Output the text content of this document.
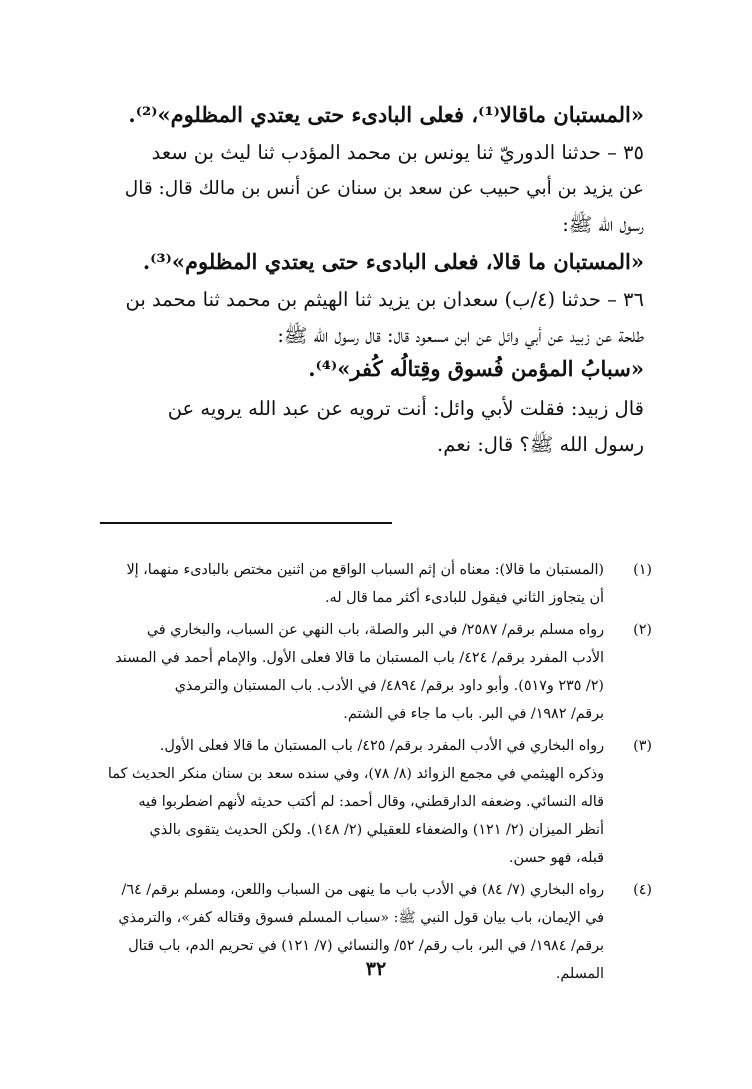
«المستبان ماقالا⁽¹⁾، فعلى البادىء حتى يعتدي المظلوم»⁽²⁾.
٣٥ – حدثنا الدوريّ ثنا يونس بن محمد المؤدب ثنا ليث بن سعد
عن يزيد بن أبي حبيب عن سعد بن سنان عن أنس بن مالك قال: قال
رسول الله ﷺ:
«المستبان ما قالا، فعلى البادىء حتى يعتدي المظلوم»⁽³⁾.
٣٦ – حدثنا (٤/ب) سعدان بن يزيد ثنا الهيثم بن محمد ثنا محمد بن
طلحة عن زبيد عن أبي وائل عن ابن مسعود قال: قال رسول الله ﷺ:
«سبابُ المؤمن فُسوق وقِتالُه كُفر»⁽⁴⁾.
قال زبيد: فقلت لأبي وائل: أنت ترويه عن عبد الله يرويه عن
رسول الله ﷺ؟ قال: نعم.
(١)
(المستبان ما قالا): معناه أن إثم السباب الواقع من اثنين مختص بالبادىء منهما، إلا
أن يتجاوز الثاني فيقول للبادىء أكثر مما قال له.
(٢)
رواه مسلم برقم/ ٢٥٨٧/ في البر والصلة، باب النهي عن السباب، والبخاري في
الأدب المفرد برقم/ ٤٢٤/ باب المستبان ما قالا فعلى الأول. والإمام أحمد في المسند
(٢/ ٢٣٥ و٥١٧). وأبو داود برقم/ ٤٨٩٤/ في الأدب. باب المستبان والترمذي
برقم/ ١٩٨٢/ في البر. باب ما جاء في الشتم.
(٣)
رواه البخاري في الأدب المفرد برقم/ ٤٢٥/ باب المستبان ما قالا فعلى الأول.
وذكره الهيثمي في مجمع الزوائد (٨/ ٧٨)، وفي سنده سعد بن سنان منكر الحديث كما
قاله النسائي. وضعفه الدارقطني، وقال أحمد: لم أكتب حديثه لأنهم اضطربوا فيه
أنظر الميزان (٢/ ١٢١) والضعفاء للعقيلي (٢/ ١٤٨). ولكن الحديث يتقوى بالذي
قبله، فهو حسن.
(٤)
رواه البخاري (٧/ ٨٤) في الأدب باب ما ينهى من السباب واللعن، ومسلم برقم/ ٦٤/
في الإيمان، باب بيان قول النبي ﷺ: «سباب المسلم فسوق وقتاله كفر»، والترمذي
برقم/ ١٩٨٤/ في البر، باب رقم/ ٥٢/ والنسائي (٧/ ١٢١) في تحريم الدم، باب قتال
المسلم.
٣٢
